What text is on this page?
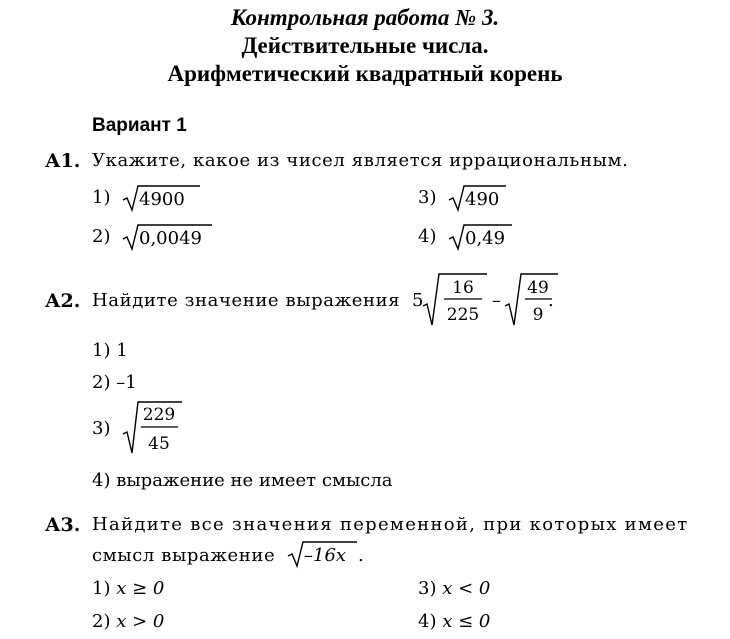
Контрольная работа № 3.
Действительные числа.
Арифметический квадратный корень
Вариант 1
А1. Укажите, какое из чисел является иррациональным.
1) 4900	3) 490
2) 0,0049	4) 0,49
А2. Найдите значение выражения 5
16
225
–
49
9
.
1) 1
2) –1
3)
229
45
4) выражение не имеет смысла
А3. Найдите все значения переменной, при которых имеет
смысл выражение –16x .
1) x ≥ 0	3) x < 0
2) x > 0	4) x ≤ 0
